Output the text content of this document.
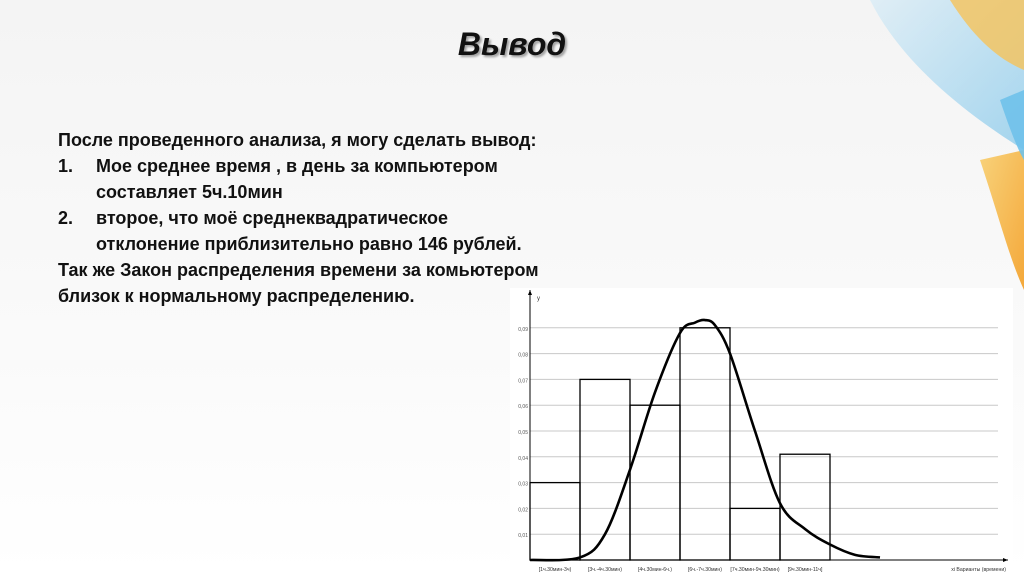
Вывод

После проведенного анализа, я могу сделать вывод:

1.	Мое среднее время , в день за компьютером составляет 5ч.10мин
2.	второе, что моё среднеквадратическое отклонение приблизительно равно 146 рублей.

Так же Закон распределения времени за комьютером близок к нормальному распределению.

0,01
0,02
0,03
0,04
0,05
0,06
0,07
0,08
0,09
[1ч.30мин-3ч)	[3ч.-4ч.30мин)	[4ч.30мин-6ч.)	[6ч.-7ч.30мин) [7ч.30мин-9ч.30мин) [9ч.30мин-11ч]
y
xi Варианты (времени)
